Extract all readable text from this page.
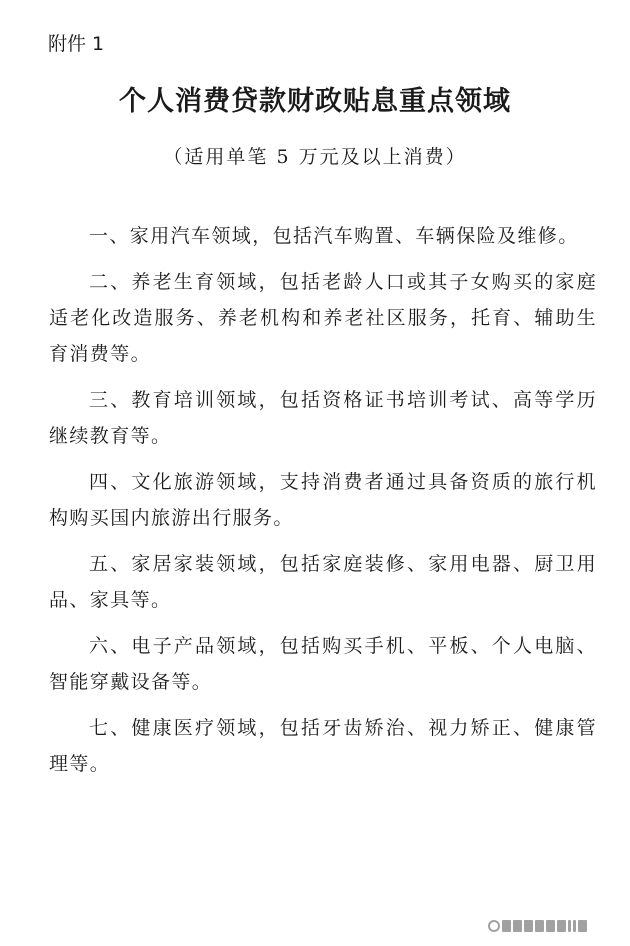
附件 1
个人消费贷款财政贴息重点领域
（适用单笔 5 万元及以上消费）

一、家用汽车领域，包括汽车购置、车辆保险及维修。

二、养老生育领域，包括老龄人口或其子女购买的家庭适老化改造服务、养老机构和养老社区服务，托育、辅助生育消费等。

三、教育培训领域，包括资格证书培训考试、高等学历继续教育等。

四、文化旅游领域，支持消费者通过具备资质的旅行机构购买国内旅游出行服务。

五、家居家装领域，包括家庭装修、家用电器、厨卫用品、家具等。

六、电子产品领域，包括购买手机、平板、个人电脑、智能穿戴设备等。

七、健康医疗领域，包括牙齿矫治、视力矫正、健康管理等。
